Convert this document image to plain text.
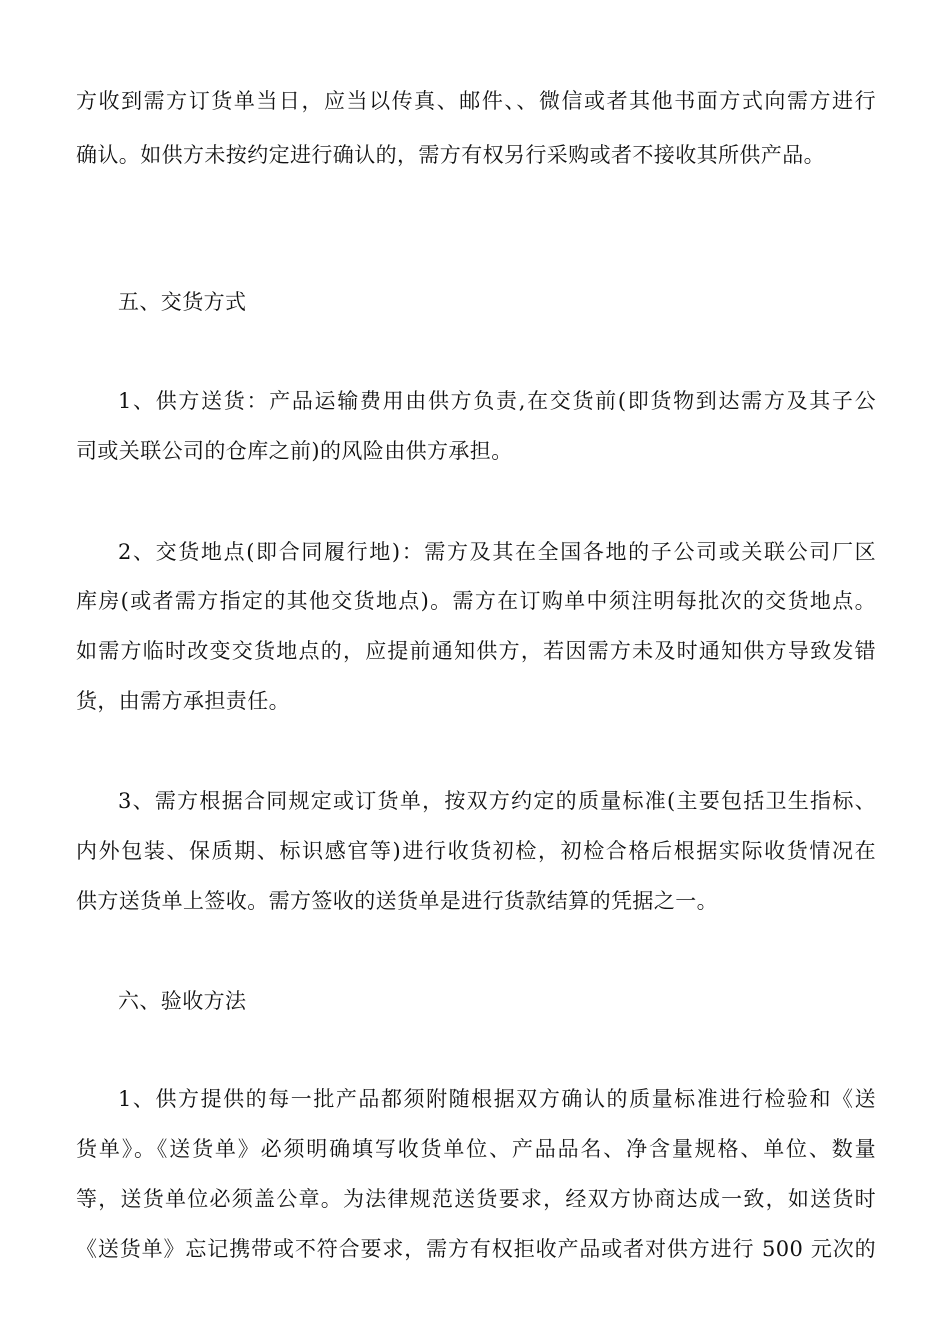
方收到需方订货单当日，应当以传真、邮件、、微信或者其他书面方式向需方进行
确认。如供方未按约定进行确认的，需方有权另行采购或者不接收其所供产品。
五、交货方式
1、供方送货：产品运输费用由供方负责,在交货前(即货物到达需方及其子公
司或关联公司的仓库之前)的风险由供方承担。
2、交货地点(即合同履行地)：需方及其在全国各地的子公司或关联公司厂区
库房(或者需方指定的其他交货地点)。需方在订购单中须注明每批次的交货地点。
如需方临时改变交货地点的，应提前通知供方，若因需方未及时通知供方导致发错
货，由需方承担责任。
3、需方根据合同规定或订货单，按双方约定的质量标准(主要包括卫生指标、
内外包装、保质期、标识感官等)进行收货初检，初检合格后根据实际收货情况在
供方送货单上签收。需方签收的送货单是进行货款结算的凭据之一。
六、验收方法
1、供方提供的每一批产品都须附随根据双方确认的质量标准进行检验和《送
货单》。《送货单》必须明确填写收货单位、产品品名、净含量规格、单位、数量
等，送货单位必须盖公章。为法律规范送货要求，经双方协商达成一致，如送货时
《送货单》忘记携带或不符合要求，需方有权拒收产品或者对供方进行 500 元次的
